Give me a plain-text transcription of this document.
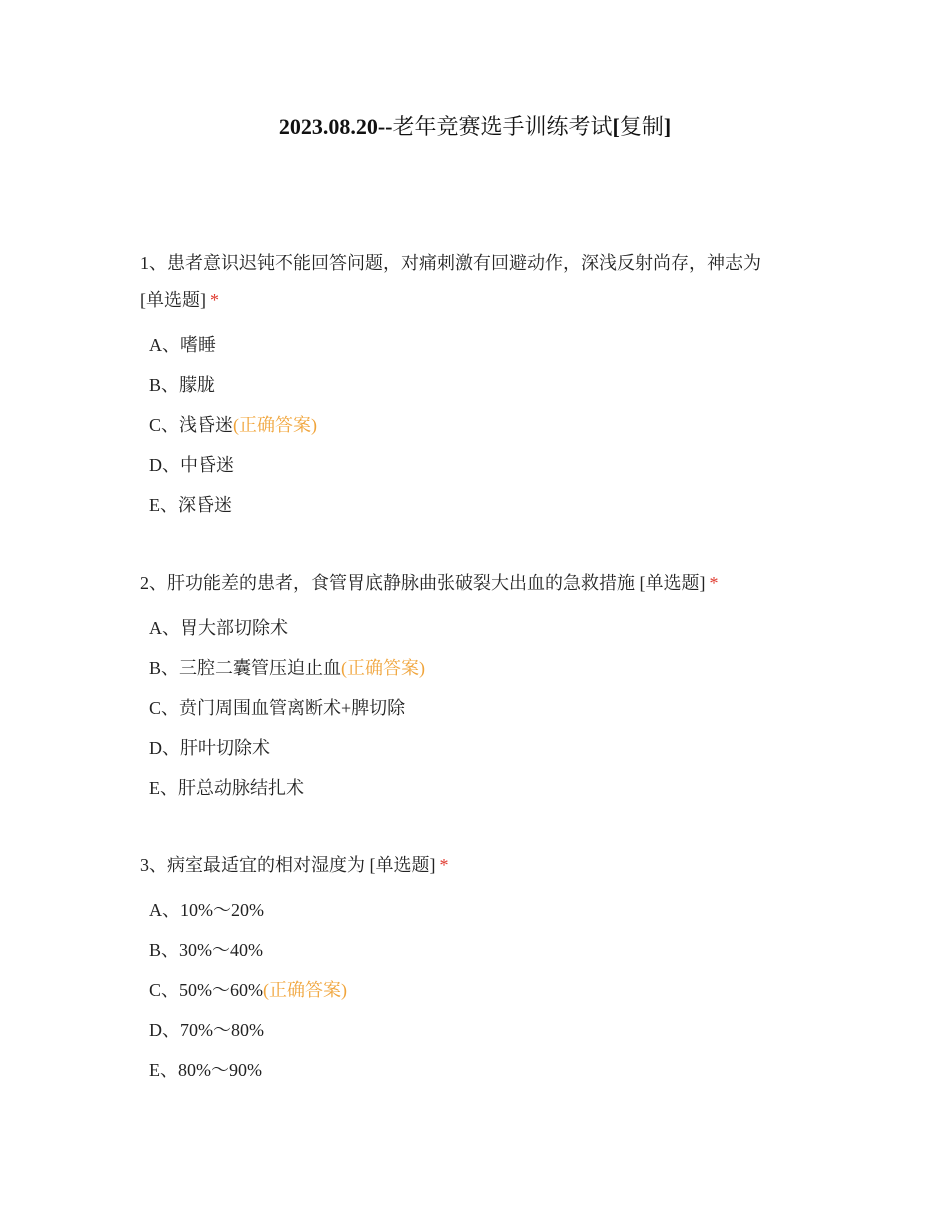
2023.08.20--老年竞赛选手训练考试[复制]
1、患者意识迟钝不能回答问题，对痛刺激有回避动作，深浅反射尚存，神志为
[单选题] *
A、嗜睡
B、朦胧
C、浅昏迷(正确答案)
D、中昏迷
E、深昏迷
2、肝功能差的患者，食管胃底静脉曲张破裂大出血的急救措施 [单选题] *
A、胃大部切除术
B、三腔二囊管压迫止血(正确答案)
C、贲门周围血管离断术+脾切除
D、肝叶切除术
E、肝总动脉结扎术
3、病室最适宜的相对湿度为 [单选题] *
A、10%～20%
B、30%～40%
C、50%～60%(正确答案)
D、70%～80%
E、80%～90%
